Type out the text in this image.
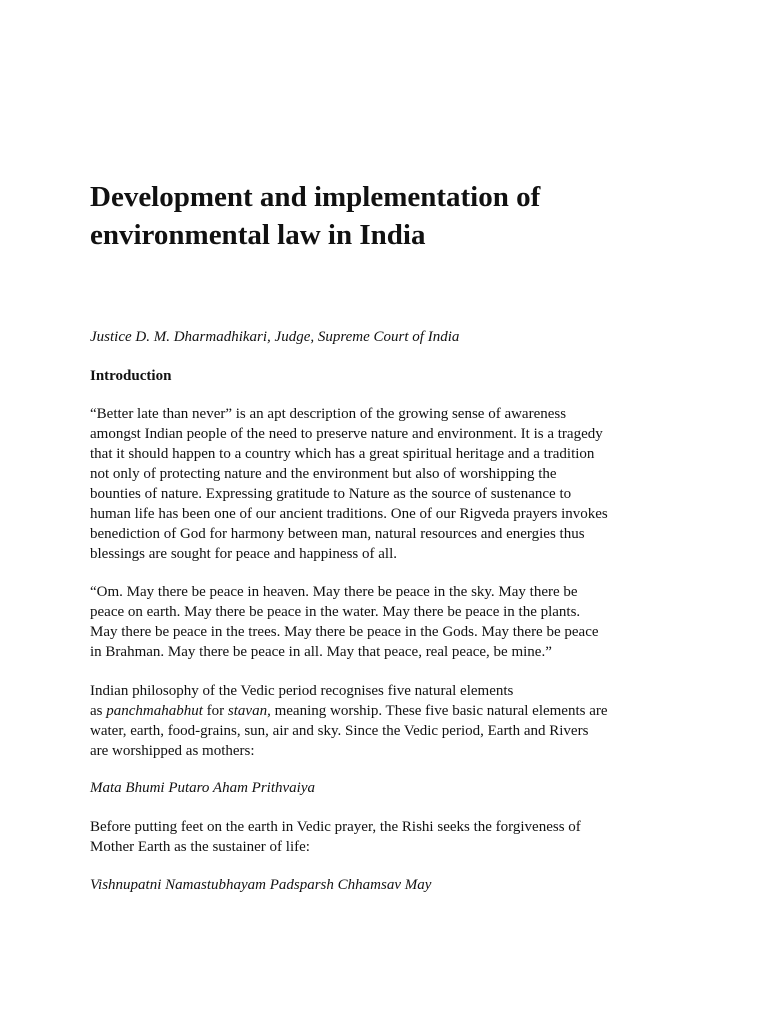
Development and implementation of
environmental law in India

Justice D. M. Dharmadhikari, Judge, Supreme Court of India

Introduction

“Better late than never” is an apt description of the growing sense of awareness
amongst Indian people of the need to preserve nature and environment. It is a tragedy
that it should happen to a country which has a great spiritual heritage and a tradition
not only of protecting nature and the environment but also of worshipping the
bounties of nature. Expressing gratitude to Nature as the source of sustenance to
human life has been one of our ancient traditions. One of our Rigveda prayers invokes
benediction of God for harmony between man, natural resources and energies thus
blessings are sought for peace and happiness of all.

“Om. May there be peace in heaven. May there be peace in the sky. May there be
peace on earth. May there be peace in the water. May there be peace in the plants.
May there be peace in the trees. May there be peace in the Gods. May there be peace
in Brahman. May there be peace in all. May that peace, real peace, be mine.”

Indian philosophy of the Vedic period recognises five natural elements
as panchmahabhut for stavan, meaning worship. These five basic natural elements are
water, earth, food-grains, sun, air and sky. Since the Vedic period, Earth and Rivers
are worshipped as mothers:

Mata Bhumi Putaro Aham Prithvaiya

Before putting feet on the earth in Vedic prayer, the Rishi seeks the forgiveness of
Mother Earth as the sustainer of life:

Vishnupatni Namastubhayam Padsparsh Chhamsav May
